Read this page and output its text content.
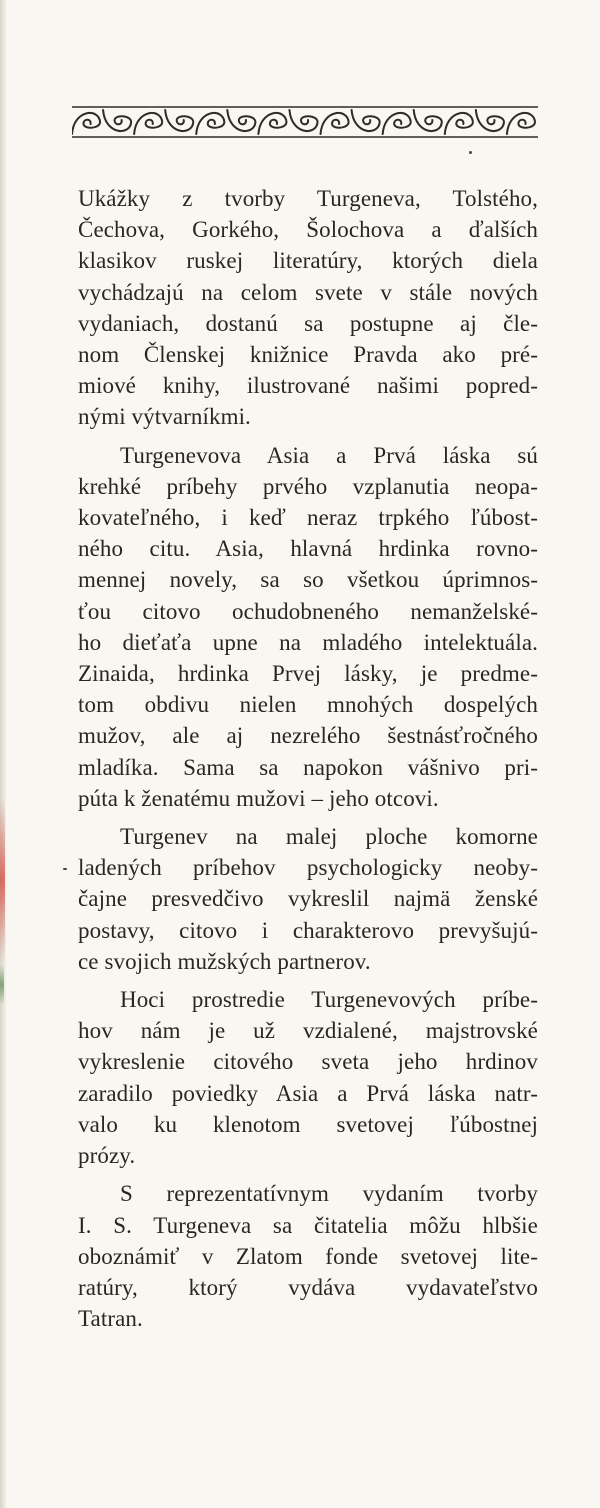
Ukážky z tvorby Turgeneva, Tolstého,

Čechova, Gorkého, Šolochova a ďalších

klasikov ruskej literatúry, ktorých diela

vychádzajú na celom svete v stále nových

vydaniach, dostanú sa postupne aj čle-

nom Členskej knižnice Pravda ako pré-

miové knihy, ilustrované našimi popred-

nými výtvarníkmi.

Turgenevova Asia a Prvá láska sú

krehké príbehy prvého vzplanutia neopa-

kovateľného, i keď neraz trpkého ľúbost-

ného citu. Asia, hlavná hrdinka rovno-

mennej novely, sa so všetkou úprimnos-

ťou citovo ochudobneného nemanželské-

ho dieťaťa upne na mladého intelektuála.

Zinaida, hrdinka Prvej lásky, je predme-

tom obdivu nielen mnohých dospelých

mužov, ale aj nezrelého šestnásťročného

mladíka. Sama sa napokon vášnivo pri-

púta k ženatému mužovi – jeho otcovi.

Turgenev na malej ploche komorne

ladených príbehov psychologicky neoby-

čajne presvedčivo vykreslil najmä ženské

postavy, citovo i charakterovo prevyšujú-

ce svojich mužských partnerov.

Hoci prostredie Turgenevových príbe-

hov nám je už vzdialené, majstrovské

vykreslenie citového sveta jeho hrdinov

zaradilo poviedky Asia a Prvá láska natr-

valo ku klenotom svetovej ľúbostnej

prózy.

S reprezentatívnym vydaním tvorby

I. S. Turgeneva sa čitatelia môžu hlbšie

oboznámiť v Zlatom fonde svetovej lite-

ratúry, ktorý vydáva vydavateľstvo

Tatran.
